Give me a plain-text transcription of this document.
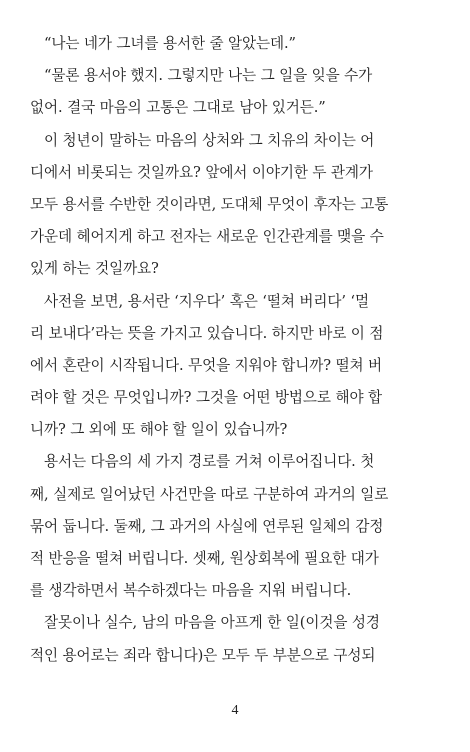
“나는 네가 그녀를 용서한 줄 알았는데.”
“물론 용서야 했지. 그렇지만 나는 그 일을 잊을 수가
없어. 결국 마음의 고통은 그대로 남아 있거든.”
이 청년이 말하는 마음의 상처와 그 치유의 차이는 어
디에서 비롯되는 것일까요? 앞에서 이야기한 두 관계가
모두 용서를 수반한 것이라면, 도대체 무엇이 후자는 고통
가운데 헤어지게 하고 전자는 새로운 인간관계를 맺을 수
있게 하는 것일까요?
사전을 보면, 용서란 ‘지우다’ 혹은 ‘떨쳐 버리다’ ‘멀
리 보내다’라는 뜻을 가지고 있습니다. 하지만 바로 이 점
에서 혼란이 시작됩니다. 무엇을 지워야 합니까? 떨쳐 버
려야 할 것은 무엇입니까? 그것을 어떤 방법으로 해야 합
니까? 그 외에 또 해야 할 일이 있습니까?
용서는 다음의 세 가지 경로를 거쳐 이루어집니다. 첫
째, 실제로 일어났던 사건만을 따로 구분하여 과거의 일로
묶어 둡니다. 둘째, 그 과거의 사실에 연루된 일체의 감정
적 반응을 떨쳐 버립니다. 셋째, 원상회복에 필요한 대가
를 생각하면서 복수하겠다는 마음을 지워 버립니다.
잘못이나 실수, 남의 마음을 아프게 한 일(이것을 성경
적인 용어로는 죄라 합니다)은 모두 두 부분으로 구성되
4
